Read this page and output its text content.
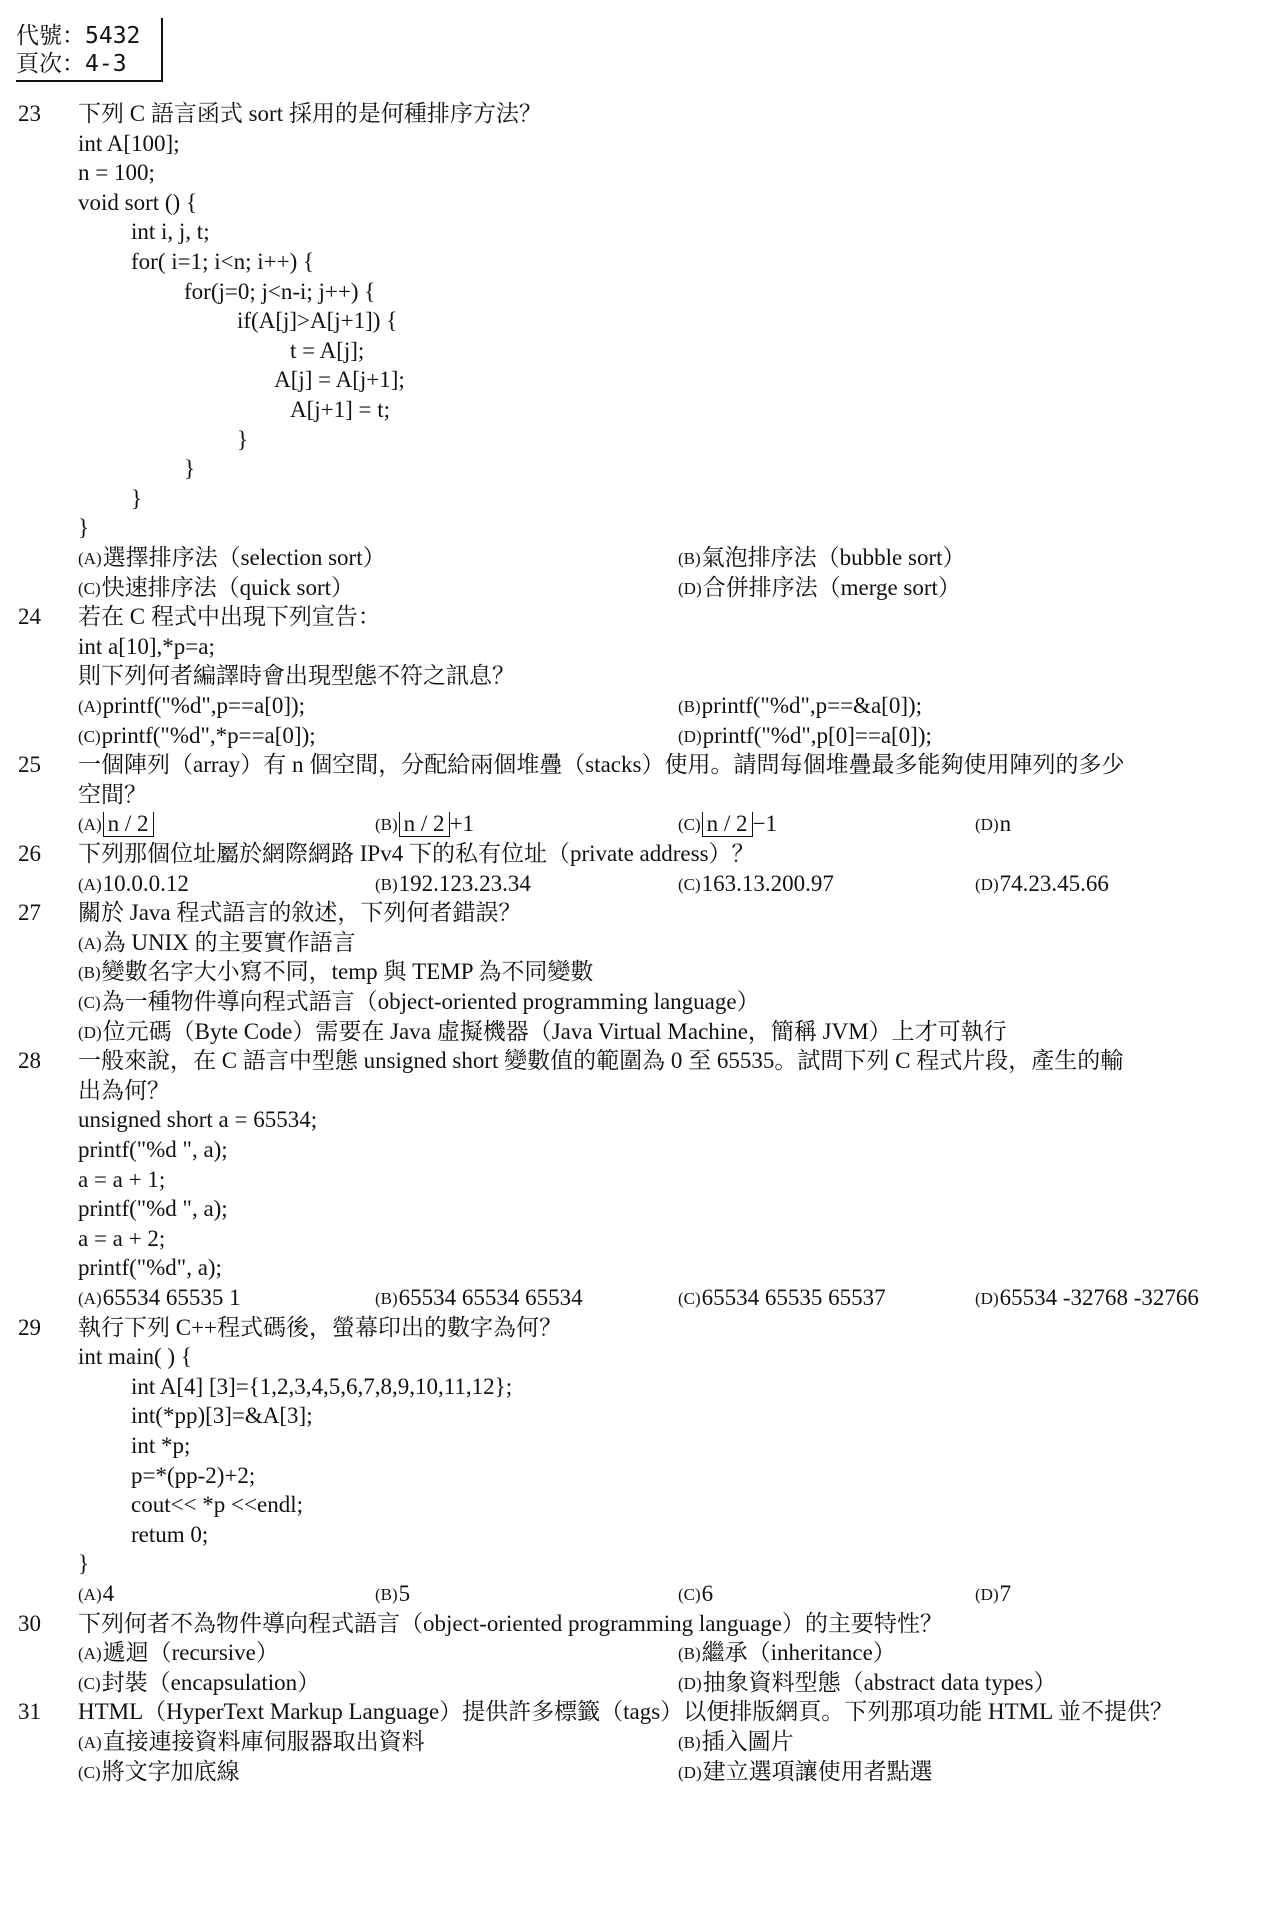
代號：5432
頁次：4-3
23 下列 C 語言函式 sort 採用的是何種排序方法？
int A[100];
n = 100;
void sort () {
int i, j, t;
for( i=1; i<n; i++) {
for(j=0; j<n-i; j++) {
if(A[j]>A[j+1]) {
t = A[j];
A[j] = A[j+1];
A[j+1] = t;
}
}
}
}
(A)選擇排序法（selection sort）	(B)氣泡排序法（bubble sort）
(C)快速排序法（quick sort）	(D)合併排序法（merge sort）
24 若在 C 程式中出現下列宣告：
int a[10],*p=a;
則下列何者編譯時會出現型態不符之訊息？
(A)printf("%d",p==a[0]);	(B)printf("%d",p==&a[0]);
(C)printf("%d",*p==a[0]);	(D)printf("%d",p[0]==a[0]);
25 一個陣列（array）有 n 個空間，分配給兩個堆疊（stacks）使用。請問每個堆疊最多能夠使用陣列的多少
空間？
(A) n / 2	(B) n / 2 +1	(C) n / 2 −1	(D)n
26 下列那個位址屬於網際網路 IPv4 下的私有位址（private address）？
(A)10.0.0.12	(B)192.123.23.34	(C)163.13.200.97	(D)74.23.45.66
27 關於 Java 程式語言的敘述，下列何者錯誤？
(A)為 UNIX 的主要實作語言
(B)變數名字大小寫不同，temp 與 TEMP 為不同變數
(C)為一種物件導向程式語言（object-oriented programming language）
(D)位元碼（Byte Code）需要在 Java 虛擬機器（Java Virtual Machine，簡稱 JVM）上才可執行
28 一般來說，在 C 語言中型態 unsigned short 變數值的範圍為 0 至 65535。試問下列 C 程式片段，產生的輸
出為何？
unsigned short a = 65534;
printf("%d ", a);
a = a + 1;
printf("%d ", a);
a = a + 2;
printf("%d", a);
(A)65534 65535 1	(B)65534 65534 65534	(C)65534 65535 65537	(D)65534 -32768 -32766
29 執行下列 C++程式碼後，螢幕印出的數字為何？
int main( ) {
int A[4] [3]={1,2,3,4,5,6,7,8,9,10,11,12};
int(*pp)[3]=&A[3];
int *p;
p=*(pp-2)+2;
cout<< *p <<endl;
retum 0;
}
(A)4	(B)5	(C)6	(D)7
30 下列何者不為物件導向程式語言（object-oriented programming language）的主要特性？
(A)遞迴（recursive）	(B)繼承（inheritance）
(C)封裝（encapsulation）	(D)抽象資料型態（abstract data types）
31 HTML（HyperText Markup Language）提供許多標籤（tags）以便排版網頁。下列那項功能 HTML 並不提供？
(A)直接連接資料庫伺服器取出資料	(B)插入圖片
(C)將文字加底線	(D)建立選項讓使用者點選
